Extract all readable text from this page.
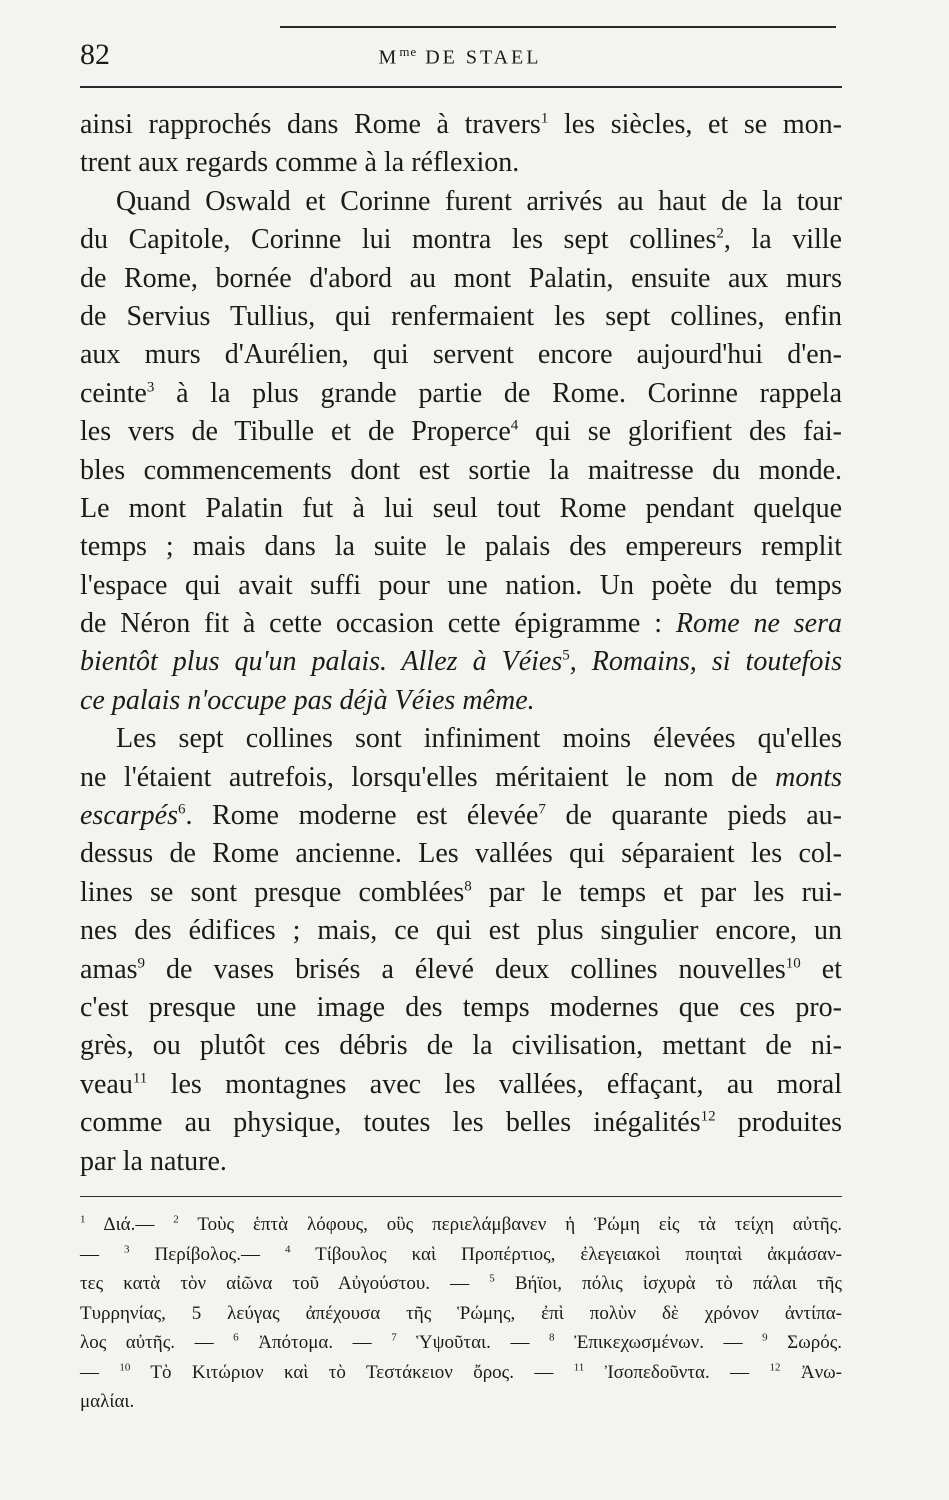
82	$M^{me}$ DE STAEL
ainsi rapprochés dans Rome à travers$^1$ les siècles, et se mon-
trent aux regards comme à la réflexion.
Quand Oswald et Corinne furent arrivés au haut de la tour
du Capitole, Corinne lui montra les sept collines$^2$, la ville
de Rome, bornée d'abord au mont Palatin, ensuite aux murs
de Servius Tullius, qui renfermaient les sept collines, enfin
aux murs d'Aurélien, qui servent encore aujourd'hui d'en-
ceinte$^3$ à la plus grande partie de Rome. Corinne rappela
les vers de Tibulle et de Properce$^4$ qui se glorifient des fai-
bles commencements dont est sortie la maitresse du monde.
Le mont Palatin fut à lui seul tout Rome pendant quelque
temps ; mais dans la suite le palais des empereurs remplit
l'espace qui avait suffi pour une nation. Un poète du temps
de Néron fit à cette occasion cette épigramme : Rome ne sera
bientôt plus qu'un palais. Allez à Véies$^5$, Romains, si toutefois
ce palais n'occupe pas déjà Véies même.
Les sept collines sont infiniment moins élevées qu'elles
ne l'étaient autrefois, lorsqu'elles méritaient le nom de monts
escarpés$^6$. Rome moderne est élevée$^7$ de quarante pieds au-
dessus de Rome ancienne. Les vallées qui séparaient les col-
lines se sont presque comblées$^8$ par le temps et par les rui-
nes des édifices ; mais, ce qui est plus singulier encore, un
amas$^9$ de vases brisés a élevé deux collines nouvelles$^{10}$ et
c'est presque une image des temps modernes que ces pro-
grès, ou plutôt ces débris de la civilisation, mettant de ni-
veau$^{11}$ les montagnes avec les vallées, effaçant, au moral
comme au physique, toutes les belles inégalités$^{12}$ produites
par la nature.
$^1$ Διά.— $^2$ Τοὺς ἑπτὰ λόφους, οὓς περιελάμβανεν ἡ Ῥώμη εἰς τὰ τείχη αὐτῆς.
— $^3$ Περίβολος.— $^4$ Τίβουλος καὶ Προπέρτιος, ἐλεγειακοὶ ποιηταὶ ἀκμάσαν-
τες κατὰ τὸν αἰῶνα τοῦ Αὐγούστου. — $^5$ Βήϊοι, πόλις ἰσχυρὰ τὸ πάλαι τῆς
Τυρρηνίας, 5 λεύγας ἀπέχουσα τῆς Ῥώμης, ἐπὶ πολὺν δὲ χρόνον ἀντίπα-
λος αὐτῆς. — $^6$ Ἀπότομα. — $^7$ Ὑψοῦται. — $^8$ Ἐπικεχωσμένων. — $^9$ Σωρός.
— $^{10}$ Τὸ Κιτώριον καὶ τὸ Τεστάκειον ὄρος. — $^{11}$ Ἰσοπεδοῦντα. — $^{12}$ Ἀνω-
μαλίαι.
